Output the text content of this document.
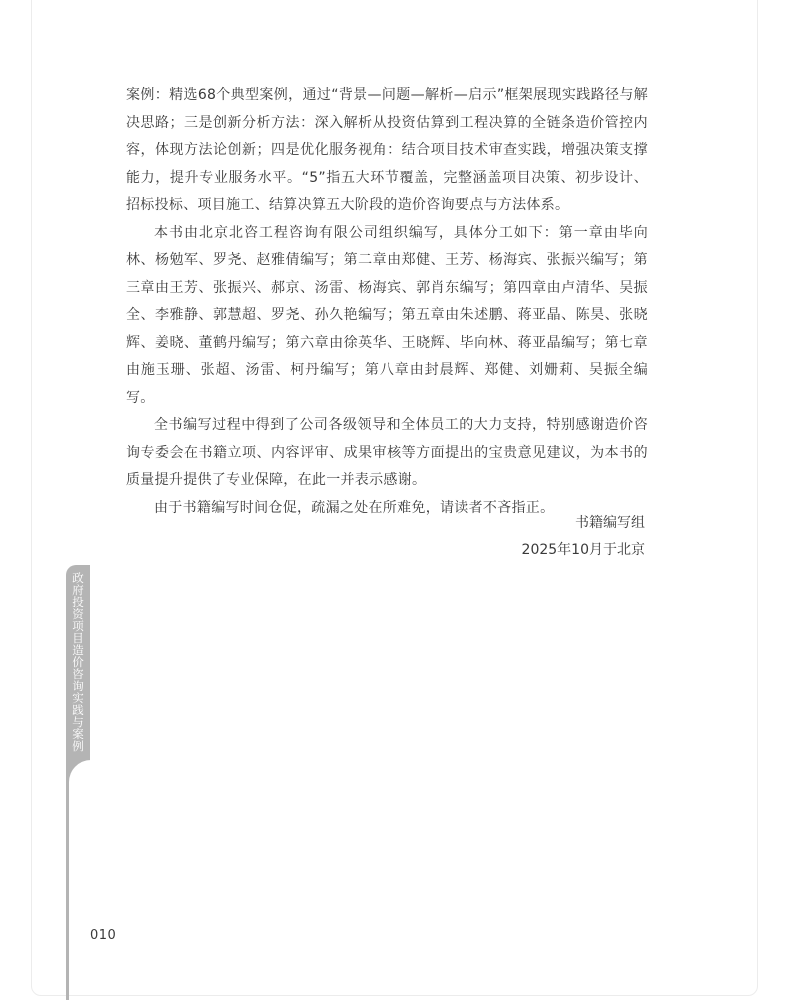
案例：精选68个典型案例，通过“背景—问题—解析—启示”框架展现实践路径与解决思路；三是创新分析方法：深入解析从投资估算到工程决算的全链条造价管控内容，体现方法论创新；四是优化服务视角：结合项目技术审查实践，增强决策支撑能力，提升专业服务水平。“5”指五大环节覆盖，完整涵盖项目决策、初步设计、招标投标、项目施工、结算决算五大阶段的造价咨询要点与方法体系。

本书由北京北咨工程咨询有限公司组织编写，具体分工如下：第一章由毕向林、杨勉军、罗尧、赵雅倩编写；第二章由郑健、王芳、杨海宾、张振兴编写；第三章由王芳、张振兴、郝京、汤雷、杨海宾、郭肖东编写；第四章由卢清华、吴振全、李雅静、郭慧超、罗尧、孙久艳编写；第五章由朱述鹏、蒋亚晶、陈昊、张晓辉、姜晓、董鹤丹编写；第六章由徐英华、王晓辉、毕向林、蒋亚晶编写；第七章由施玉珊、张超、汤雷、柯丹编写；第八章由封晨辉、郑健、刘姗莉、吴振全编写。

全书编写过程中得到了公司各级领导和全体员工的大力支持，特别感谢造价咨询专委会在书籍立项、内容评审、成果审核等方面提出的宝贵意见建议，为本书的质量提升提供了专业保障，在此一并表示感谢。

由于书籍编写时间仓促，疏漏之处在所难免，请读者不吝指正。

书籍编写组
2025年10月于北京
政府投资项目造价咨询实践与案例
010
